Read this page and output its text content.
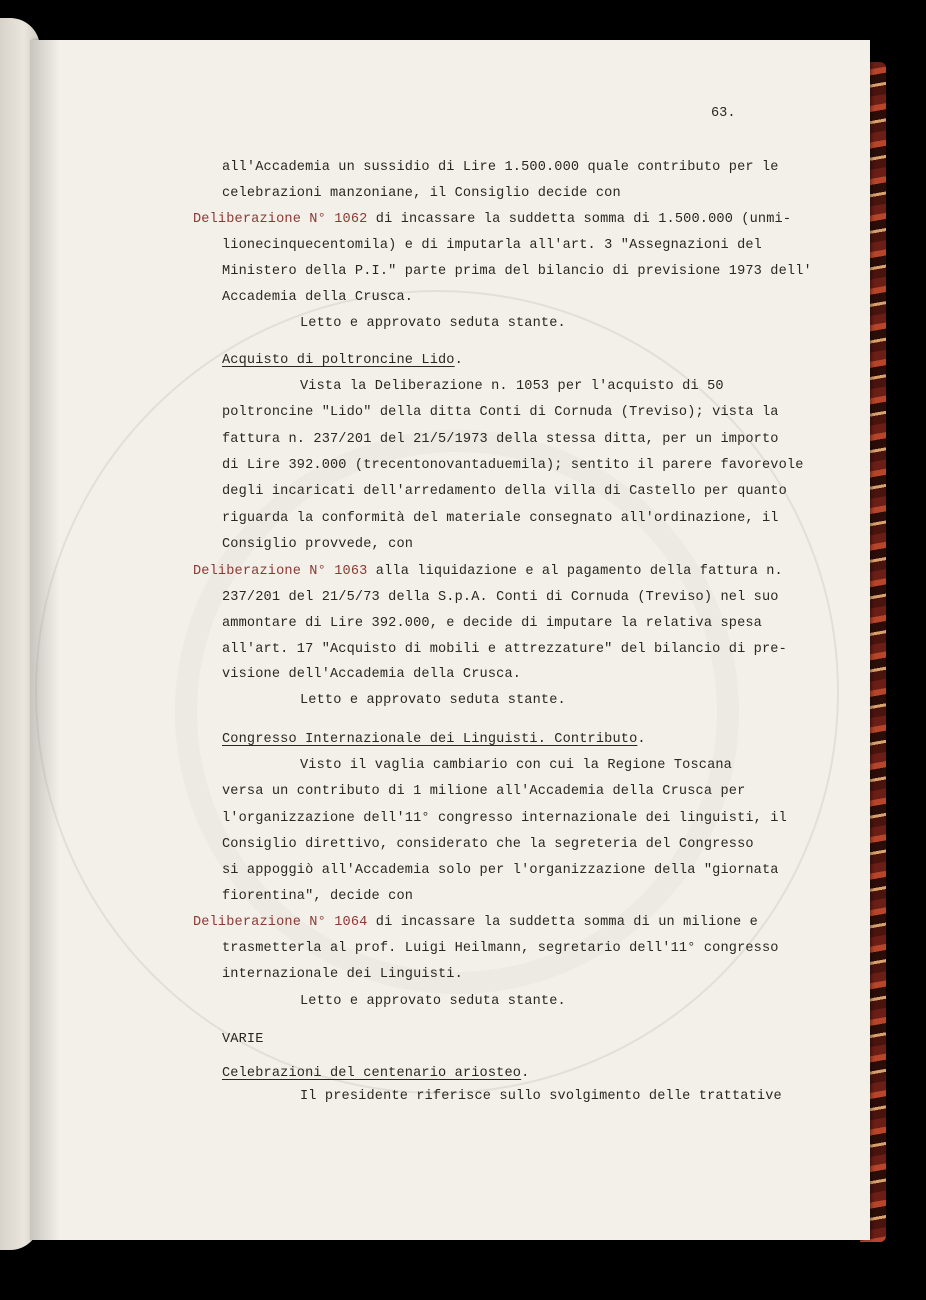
63.
all'Accademia un sussidio di Lire 1.500.000 quale contributo per le
celebrazioni manzoniane, il Consiglio decide con
Deliberazione N° 1062 di incassare la suddetta somma di 1.500.000 (unmi-
lionecinquecentomila) e di imputarla all'art. 3 "Assegnazioni del
Ministero della P.I." parte prima del bilancio di previsione 1973 dell'
Accademia della Crusca.
Letto e approvato seduta stante.
Acquisto di poltroncine Lido.
Vista la Deliberazione n. 1053 per l'acquisto di 50
poltroncine "Lido" della ditta Conti di Cornuda (Treviso); vista la
fattura n. 237/201 del 21/5/1973 della stessa ditta, per un importo
di Lire 392.000 (trecentonovantaduemila); sentito il parere favorevole
degli incaricati dell'arredamento della villa di Castello per quanto
riguarda la conformità del materiale consegnato all'ordinazione, il
Consiglio provvede, con
Deliberazione N° 1063 alla liquidazione e al pagamento della fattura n.
237/201 del 21/5/73 della S.p.A. Conti di Cornuda (Treviso) nel suo
ammontare di Lire 392.000, e decide di imputare la relativa spesa
all'art. 17 "Acquisto di mobili e attrezzature" del bilancio di pre-
visione dell'Accademia della Crusca.
Letto e approvato seduta stante.
Congresso Internazionale dei Linguisti. Contributo.
Visto il vaglia cambiario con cui la Regione Toscana
versa un contributo di 1 milione all'Accademia della Crusca per
l'organizzazione dell'11° congresso internazionale dei linguisti, il
Consiglio direttivo, considerato che la segreteria del Congresso
si appoggiò all'Accademia solo per l'organizzazione della "giornata
fiorentina", decide con
Deliberazione N° 1064 di incassare la suddetta somma di un milione e
trasmetterla al prof. Luigi Heilmann, segretario dell'11° congresso
internazionale dei Linguisti.
Letto e approvato seduta stante.
VARIE
Celebrazioni del centenario ariosteo.
Il presidente riferisce sullo svolgimento delle trattative
